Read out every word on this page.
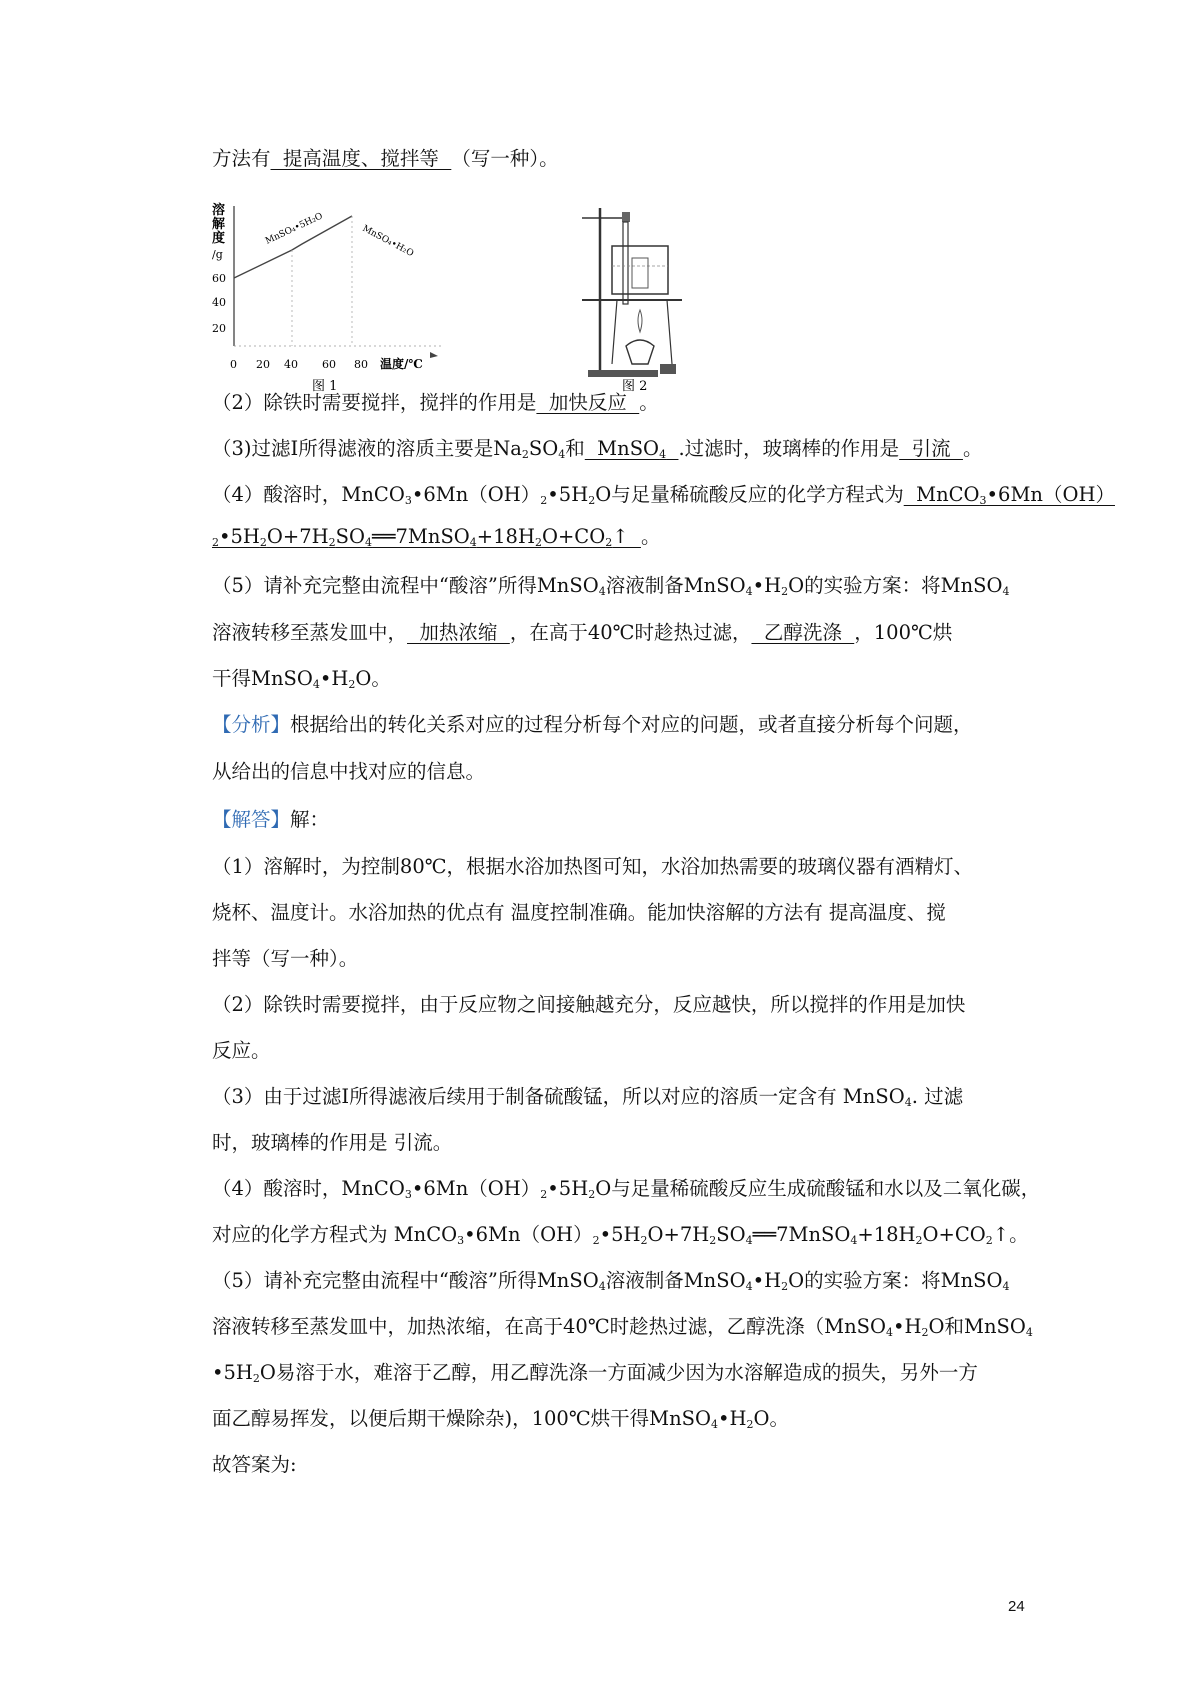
方法有  提高温度、搅拌等  （写一种）。
溶
解
度
/g
60
40
20
MnSO₄•5H₂O	MnSO₄•H₂O
0 20 40 60 80 温度/℃
图 1	图 2
（2）除铁时需要搅拌，搅拌的作用是  加快反应  。
（3)过滤Ⅰ所得滤液的溶质主要是$Na_2SO_4$和  MnSO$_4$ .过滤时，玻璃棒的作用是  引流  。
（4）酸溶时，$MnCO_3•6Mn(OH)_2•5H_2O$与足量稀硫酸反应的化学方程式为  MnCO$_3$•6Mn（OH）
$_2•5H_2O+7H_2SO_4══7MnSO_4+18H_2O+CO_2↑$  。
（5）请补充完整由流程中“酸溶”所得MnSO$_4$溶液制备$MnSO_4•H_2O$的实验方案：将MnSO$_4$
溶液转移至蒸发皿中，  加热浓缩  ，在高于40℃时趁热过滤，  乙醇洗涤  ，100℃烘
干得$MnSO_4•H_2O$。
【分析】根据给出的转化关系对应的过程分析每个对应的问题，或者直接分析每个问题，
从给出的信息中找对应的信息。
【解答】解：
（1）溶解时，为控制80℃，根据水浴加热图可知，水浴加热需要的玻璃仪器有酒精灯、
烧杯、温度计。水浴加热的优点有 温度控制准确。能加快溶解的方法有 提高温度、搅
拌等（写一种）。
（2）除铁时需要搅拌，由于反应物之间接触越充分，反应越快，所以搅拌的作用是加快
反应。
（3）由于过滤Ⅰ所得滤液后续用于制备硫酸锰，所以对应的溶质一定含有 MnSO$_4$. 过滤
时，玻璃棒的作用是 引流。
（4）酸溶时，$MnCO_3•6Mn(OH)_2•5H_2O$与足量稀硫酸反应生成硫酸锰和水以及二氧化碳，
对应的化学方程式为 $MnCO_3•6Mn(OH)_2•5H_2O+7H_2SO_4══7MnSO_4+18H_2O+CO_2↑$。
（5）请补充完整由流程中“酸溶”所得MnSO$_4$溶液制备$MnSO_4•H_2O$的实验方案：将MnSO$_4$
溶液转移至蒸发皿中，加热浓缩，在高于40℃时趁热过滤，乙醇洗涤（$MnSO_4•H_2O$和MnSO$_4$
$•5H_2O$易溶于水，难溶于乙醇，用乙醇洗涤一方面减少因为水溶解造成的损失，另外一方
面乙醇易挥发，以便后期干燥除杂)，100℃烘干得$MnSO_4•H_2O$。
故答案为:
24
